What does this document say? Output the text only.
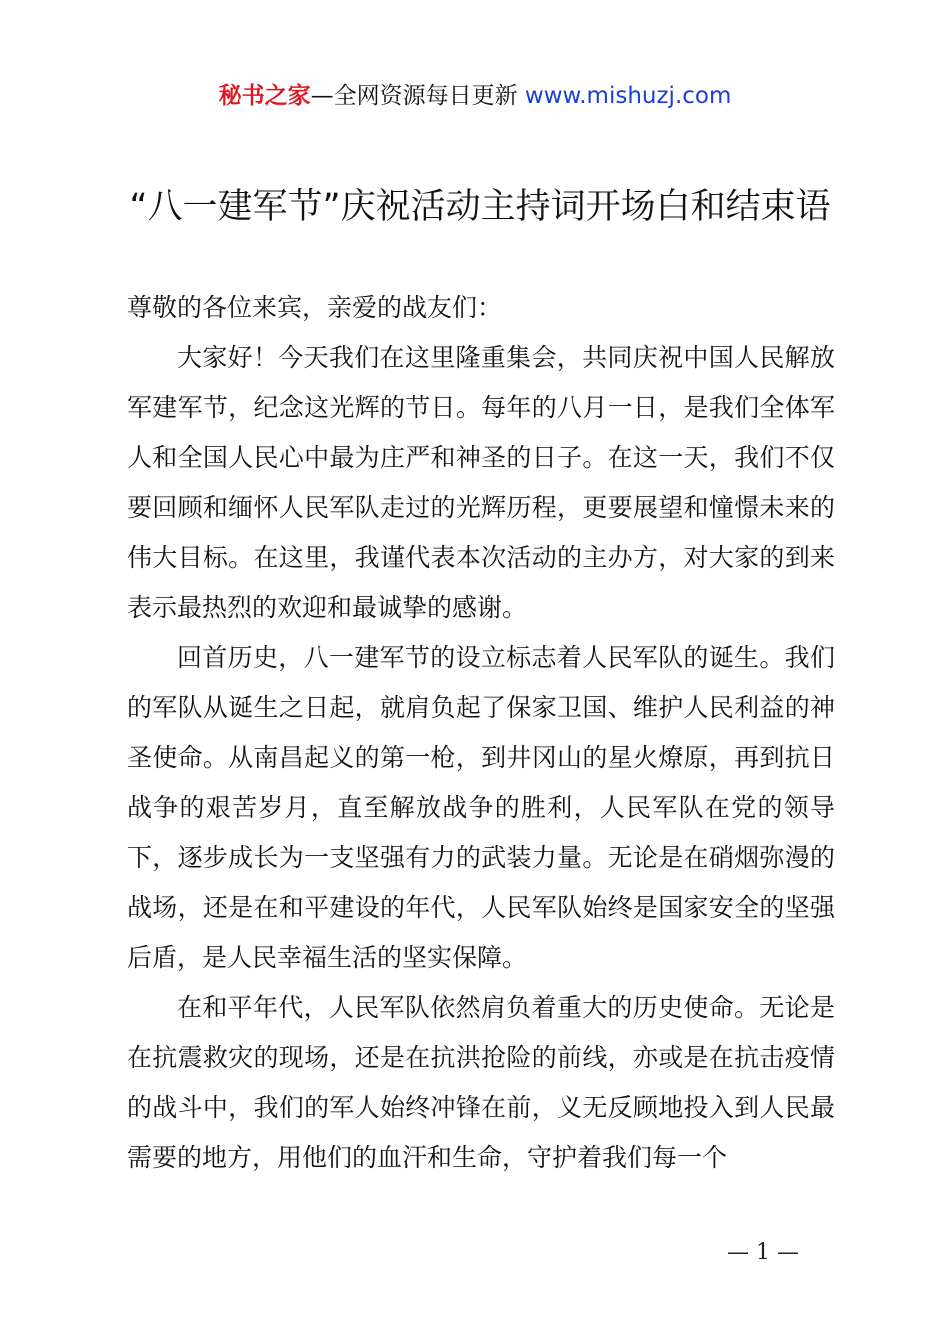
秘书之家—全网资源每日更新 www.mishuzj.com
“八一建军节”庆祝活动主持词开场白和结束语

尊敬的各位来宾，亲爱的战友们：

大家好！今天我们在这里隆重集会，共同庆祝中国人民解放军建军节，纪念这光辉的节日。每年的八月一日，是我们全体军人和全国人民心中最为庄严和神圣的日子。在这一天，我们不仅要回顾和缅怀人民军队走过的光辉历程，更要展望和憧憬未来的伟大目标。在这里，我谨代表本次活动的主办方，对大家的到来表示最热烈的欢迎和最诚挚的感谢。

回首历史，八一建军节的设立标志着人民军队的诞生。我们的军队从诞生之日起，就肩负起了保家卫国、维护人民利益的神圣使命。从南昌起义的第一枪，到井冈山的星火燎原，再到抗日战争的艰苦岁月，直至解放战争的胜利，人民军队在党的领导下，逐步成长为一支坚强有力的武装力量。无论是在硝烟弥漫的战场，还是在和平建设的年代，人民军队始终是国家安全的坚强后盾，是人民幸福生活的坚实保障。

在和平年代，人民军队依然肩负着重大的历史使命。无论是在抗震救灾的现场，还是在抗洪抢险的前线，亦或是在抗击疫情的战斗中，我们的军人始终冲锋在前，义无反顾地投入到人民最需要的地方，用他们的血汗和生命，守护着我们每一个

— 1 —
